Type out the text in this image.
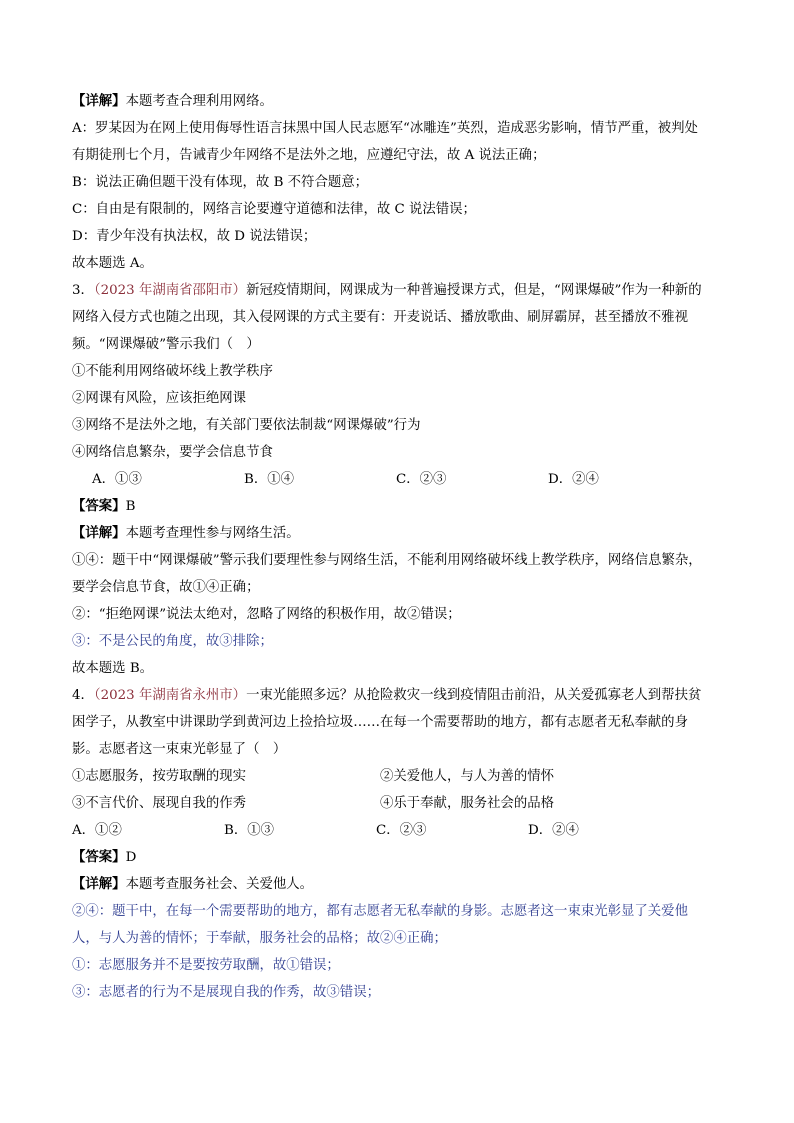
【详解】本题考查合理利用网络。
A：罗某因为在网上使用侮辱性语言抹黑中国人民志愿军“冰雕连”英烈，造成恶劣影响，情节严重，被判处
有期徒刑七个月，告诫青少年网络不是法外之地，应遵纪守法，故 A 说法正确；
B：说法正确但题干没有体现，故 B 不符合题意；
C：自由是有限制的，网络言论要遵守道德和法律，故 C 说法错误；
D：青少年没有执法权，故 D 说法错误；
故本题选 A。
3．（2023 年湖南省邵阳市）新冠疫情期间，网课成为一种普遍授课方式，但是，“网课爆破”作为一种新的
网络入侵方式也随之出现，其入侵网课的方式主要有：开麦说话、播放歌曲、刷屏霸屏，甚至播放不雅视
频。“网课爆破”警示我们（　）
①不能利用网络破坏线上教学秩序
②网课有风险，应该拒绝网课
③网络不是法外之地，有关部门要依法制裁“网课爆破”行为
④网络信息繁杂，要学会信息节食
A．①③	B．①④	C．②③	D．②④
【答案】B
【详解】本题考查理性参与网络生活。
①④：题干中“网课爆破”警示我们要理性参与网络生活，不能利用网络破坏线上教学秩序，网络信息繁杂，
要学会信息节食，故①④正确；
②：“拒绝网课”说法太绝对，忽略了网络的积极作用，故②错误；
③：不是公民的角度，故③排除；
故本题选 B。
4．（2023 年湖南省永州市）一束光能照多远？从抢险救灾一线到疫情阻击前沿，从关爱孤寡老人到帮扶贫
困学子，从教室中讲课助学到黄河边上捡拾垃圾……在每一个需要帮助的地方，都有志愿者无私奉献的身
影。志愿者这一束束光彰显了（　）
①志愿服务，按劳取酬的现实	②关爱他人，与人为善的情怀
③不言代价、展现自我的作秀	④乐于奉献，服务社会的品格
A．①②	B．①③	C．②③	D．②④
【答案】D
【详解】本题考查服务社会、关爱他人。
②④：题干中，在每一个需要帮助的地方，都有志愿者无私奉献的身影。志愿者这一束束光彰显了关爱他
人，与人为善的情怀；于奉献，服务社会的品格；故②④正确；
①：志愿服务并不是要按劳取酬，故①错误；
③：志愿者的行为不是展现自我的作秀，故③错误；
